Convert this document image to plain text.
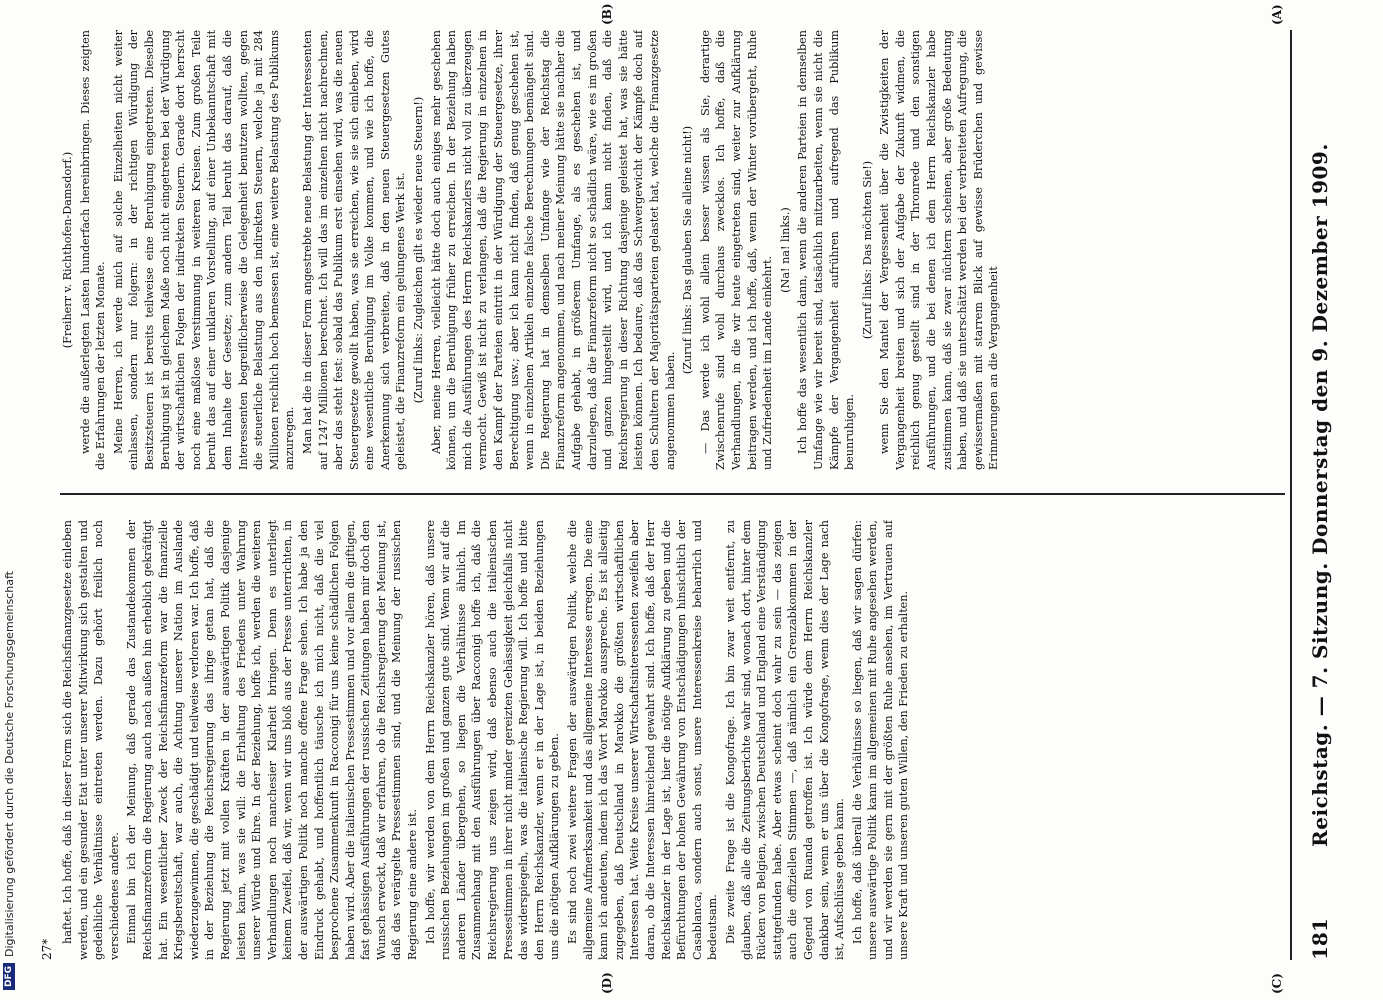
DFG
Digitalisierung gefördert durch die Deutsche Forschungsgemeinschaft 27*	181
Reichstag. — 7. Sitzung. Donnerstag den 9. Dezember 1909.
(C)
(D)
(A)
(B)

(Freiherr v. Richthofen-Damsdorf.) werde die außerlegten Lasten hunderfach hereinbringen. Dieses zeigten die Erfahrungen der letzten Monate. Meine Herren, ich werde mich auf solche Einzelheiten nicht weiter einlassen, sondern nur folgern: in der richtigen Würdigung der Besitzsteuern ist bereits teilweise eine Beruhigung eingetreten. Dieselbe Beruhigung ist in gleichem Maße noch nicht eingetreten bei der Würdigung der wirtschaftlichen Folgen der indirekten Steuern. Gerade dort herrscht noch eine maßlose Verstimmung in weiteren Kreisen. Zum großen Teile beruht das auf einer unklaren Vorstellung, auf einer Unbekanntschaft mit dem Inhalte der Gesetze; zum andern Teil beruht das darauf, daß die Interessenten begreiflicherweise die Gelegenheit benutzen wollten, gegen die steuerliche Belastung aus den indirekten Steuern, welche ja mit 284 Millionen reichlich hoch bemessen ist, eine weitere Belastung des Publikums anzuregen. Man hat die in dieser Form angestrebte neue Belastung der Interessenten auf 1247 Millionen berechnet. Ich will das im einzelnen nicht nachrechnen, aber das steht fest: sobald das Publikum erst einsehen wird, was die neuen Steuergesetze gewollt haben, was sie erreichen, wie sie sich einleben, wird eine wesentliche Beruhigung im Volke kommen, und wie ich hoffe, die Anerkennung sich verbreiten, daß in den neuen Steuergesetzen Gutes geleistet, die Finanzreform ein gelungenes Werk ist. (Zuruf links: Zugleichen gilt es wieder neue Steuern!) Aber, meine Herren, vielleicht hätte doch auch einiges mehr geschehen können, um die Beruhigung früher zu erreichen. In der Beziehung haben mich die Ausführungen des Herrn Reichskanzlers nicht voll zu überzeugen vermocht. Gewiß ist nicht zu verlangen, daß die Regierung in einzelnen in den Kampf der Parteien eintritt in der Würdigung der Steuergesetze, ihrer Berechtigung usw.; aber ich kann nicht finden, daß genug geschehen ist, wenn in einzelnen Artikeln einzelne falsche Berechnungen bemängelt sind. Die Regierung hat in demselben Umfange wie der Reichstag die Finanzreform angenommen, und nach meiner Meinung hätte sie nachher die Aufgabe gehabt, in größerem Umfange, als es geschehen ist, und darzulegen, daß die Finanzreform nicht so schädlich wäre, wie es im großen und ganzen hingestellt wird, und ich kann nicht finden, daß die Reichsregierung in dieser Richtung dasjenige geleistet hat, was sie hätte leisten können. Ich bedaure, daß das Schwergewicht der Kämpfe doch auf den Schultern der Majoritätsparteien gelastet hat, welche die Finanzgesetze angenommen haben.

(Zuruf links: Das glauben Sie alleine nicht!) — Das werde ich wohl allein besser wissen als Sie, derartige Zwischenrufe sind wohl durchaus zwecklos. Ich hoffe, daß die Verhandlungen, in die wir heute eingetreten sind, weiter zur Aufklärung beitragen werden, und ich hoffe, daß, wenn der Winter vorübergeht, Ruhe und Zufriedenheit im Lande einkehrt.

(Na! na! links.) Ich hoffe das wesentlich dann, wenn die anderen Parteien in demselben Umfange wie wir bereit sind, tatsächlich mitzuarbeiten, wenn sie nicht die Kämpfe der Vergangenheit aufrühren und aufregend das Publikum beunruhigen.

(Zuruf links: Das möchten Sie!) wenn Sie den Mantel der Vergessenheit über die Zwistigkeiten der Vergangenheit breiten und sich der Aufgabe der Zukunft widmen, die reichlich genug gestellt sind in der Thronrede und den sonstigen Ausführungen, und die bei denen ich dem Herrn Reichskanzler habe zustimmen kann, daß sie zwar nüchtern scheinen, aber große Bedeutung haben, und daß sie unterschätzt werden bei der verbreiteten Aufregung, die gewissermaßen mit starrem Blick auf gewisse Brüderchen und gewisse Erinnerungen an die Vergangenheit

haftet. Ich hoffe, daß in dieser Form sich die Reichsfinanzgesetze einleben werden, und ein gesunder Etat unter unserer Mitwirkung sich gestalten und gedeihliche Verhältnisse eintreten werden. Dazu gehört freilich noch verschiedenes andere. Einmal bin ich der Meinung, daß gerade das Zustandekommen der Reichsfinanzreform die Regierung auch nach außen hin erheblich gekräftigt hat. Ein wesentlicher Zweck der Reichsfinanzreform war die finanzielle Kriegsbereitschaft, war auch, die Achtung unserer Nation im Auslande wiederzugewinnen, die geschädigt und teilweise verloren war. Ich hoffe, daß in der Beziehung die Reichsregierung das ihrige getan hat, daß die Regierung jetzt mit vollen Kräften in der auswärtigen Politik dasjenige leisten kann, was sie will: die Erhaltung des Friedens unter Wahrung unserer Würde und Ehre. In der Beziehung, hoffe ich, werden die weiteren Verhandlungen noch manchesier Klarheit bringen. Denn es unterliegt keinem Zweifel, daß wir, wenn wir uns bloß aus der Presse unterrichten, in der auswärtigen Politik noch manche offene Frage sehen. Ich habe ja den Eindruck gehabt, und hoffentlich täusche ich mich nicht, daß die viel besprochene Zusammenkunft in Racconigi für uns keine schädlichen Folgen haben wird. Aber die italienischen Pressestimmen und vor allem die giftigen, fast gehässigen Ausführungen der russischen Zeitungen haben mir doch den Wunsch erweckt, daß wir erfahren, ob die Reichsregierung der Meinung ist, daß das verärgelte Pressestimmen sind, und die Meinung der russischen Regierung eine andere ist. Ich hoffe, wir werden von dem Herrn Reichskanzler hören, daß unsere russischen Beziehungen im großen und ganzen gute sind. Wenn wir auf die anderen Länder übergehen, so liegen die Verhältnisse ähnlich. Im Zusammenhang mit den Ausführungen über Racconigi hoffe ich, daß die Reichsregierung uns zeigen wird, daß ebenso auch die italienischen Pressestimmen in ihrer nicht minder gereizten Gehässigkeit gleichfalls nicht das widerspiegeln, was die italienische Regierung will. Ich hoffe und bitte den Herrn Reichskanzler, wenn er in der Lage ist, in beiden Beziehungen uns die nötigen Aufklärungen zu geben. Es sind noch zwei weitere Fragen der auswärtigen Politik, welche die allgemeine Aufmerksamkeit und das allgemeine Interesse erregen. Die eine kann ich andeuten, indem ich das Wort Marokko ausspreche. Es ist allseitig zugegeben, daß Deutschland in Marokko die größten wirtschaftlichen Interessen hat. Weite Kreise unserer Wirtschaftsinteressenten zweifeln aber daran, ob die Interessen hinreichend gewahrt sind. Ich hoffe, daß der Herr Reichskanzler in der Lage ist, hier die nötige Aufklärung zu geben und die Befürchtungen der hohen Gewährung von Entschädigungen hinsichtlich der Casablanca, sondern auch sonst, unsere Interessenkreise beharrlich und bedeutsam. Die zweite Frage ist die Kongofrage. Ich bin zwar weit entfernt, zu glauben, daß alle die Zeitungsberichte wahr sind, wonach dort, hinter dem Rücken von Belgien, zwischen Deutschland und England eine Verständigung stattgefunden habe. Aber etwas scheint doch wahr zu sein — das zeigen auch die offiziellen Stimmen —, daß nämlich ein Grenzabkommen in der Gegend von Ruanda getroffen ist. Ich würde dem Herrn Reichskanzler dankbar sein, wenn er uns über die Kongofrage, wenn dies der Lage nach ist, Aufschlüsse geben kann. Ich hoffe, daß überall die Verhältnisse so liegen, daß wir sagen dürfen: unsere auswärtige Politik kann im allgemeinen mit Ruhe angesehen werden, und wir werden sie gern mit der größten Ruhe ansehen, im Vertrauen auf unsere Kraft und unseren guten Willen, den Frieden zu erhalten.
